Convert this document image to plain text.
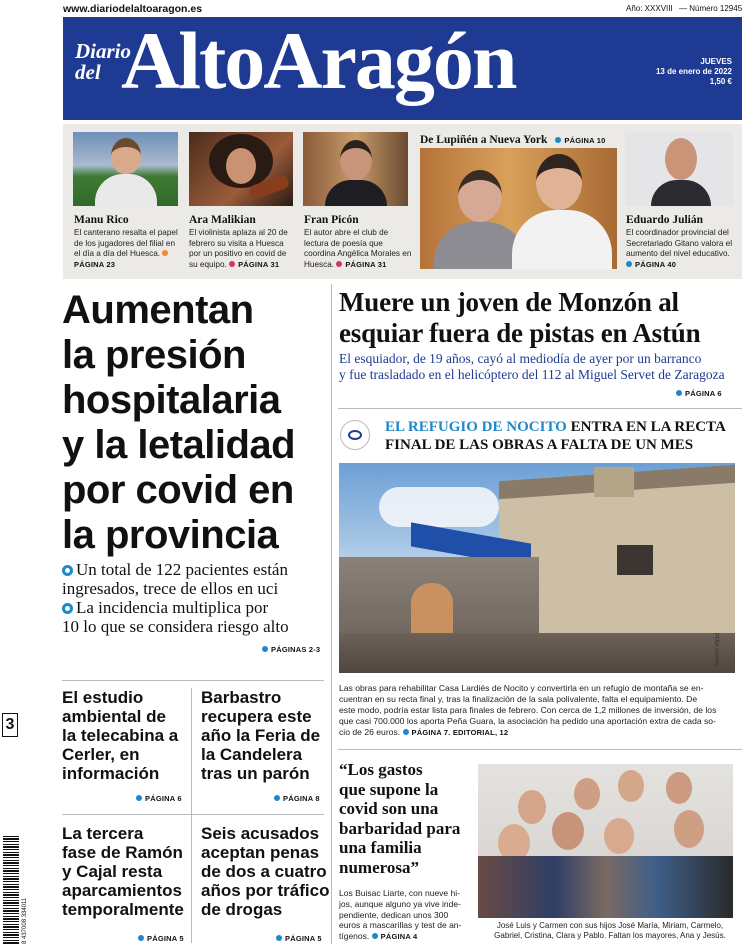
www.diariodelaltoaragon.es	Año: XXXVIII — Número 12945
Diario
del AltoAragón	JUEVES
13 de enero de 2022
1,50 €
Manu Rico
El canterano resalta el papel de los jugadores del filial en el día a día del Huesca. PÁGINA 23
Ara Malikian
El violinista aplaza al 20 de febrero su visita a Huesca por un positivo en covid de su equipo. PÁGINA 31
Fran Picón
El autor abre el club de lectura de poesía que coordina Angélica Morales en Huesca. PÁGINA 31
De Lupiñén a Nueva York PÁGINA 10
Eduardo Julián
El coordinador provincial del Secretariado Gitano valora el aumento del nivel educativo. PÁGINA 40
Aumentan
la presión
hospitalaria
y la letalidad
por covid en
la provincia
Un total de 122 pacientes están
ingresados, trece de ellos en uci
La incidencia multiplica por
10 lo que se considera riesgo alto
PÁGINAS 2-3
Muere un joven de Monzón al
esquiar fuera de pistas en Astún
El esquiador, de 19 años, cayó al mediodía de ayer por un barranco
y fue trasladado en el helicóptero del 112 al Miguel Servet de Zaragoza
PÁGINA 6
EL REFUGIO DE NOCITO ENTRA EN LA RECTA
FINAL DE LAS OBRAS A FALTA DE UN MES
PEÑA GUARA
Las obras para rehabilitar Casa Lardiés de Nocito y convertirla en un refugio de montaña se en-
cuentran en su recta final y, tras la finalización de la sala polivalente, falta el equipamiento. De
este modo, podría estar lista para finales de febrero. Con cerca de 1,2 millones de inversión, de los
que casi 700.000 los aporta Peña Guara, la asociación ha pedido una aportación extra de cada so-
cio de 26 euros. PÁGINA 7. EDITORIAL, 12
El estudio
ambiental de
la telecabina a
Cerler, en
información
PÁGINA 6
Barbastro
recupera este
año la Feria de
la Candelera
tras un parón
PÁGINA 8
La tercera
fase de Ramón
y Cajal resta
aparcamientos
temporalmente
PÁGINA 5
Seis acusados
aceptan penas
de dos a cuatro
años por tráfico
de drogas
PÁGINA 5
“Los gastos
que supone la
covid son una
barbaridad para
una familia
numerosa”
Los Buisac Liarte, con nueve hi-
jos, aunque alguno ya vive inde-
pendiente, dedican unos 300
euros a mascarillas y test de an-
tígenos. PÁGINA 4
José Luis y Carmen con sus hijos José María, Miriam, Carmelo,
Gabriel, Cristina, Clara y Pablo. Faltan los mayores, Ana y Jesús.
3
8 437008 334011
